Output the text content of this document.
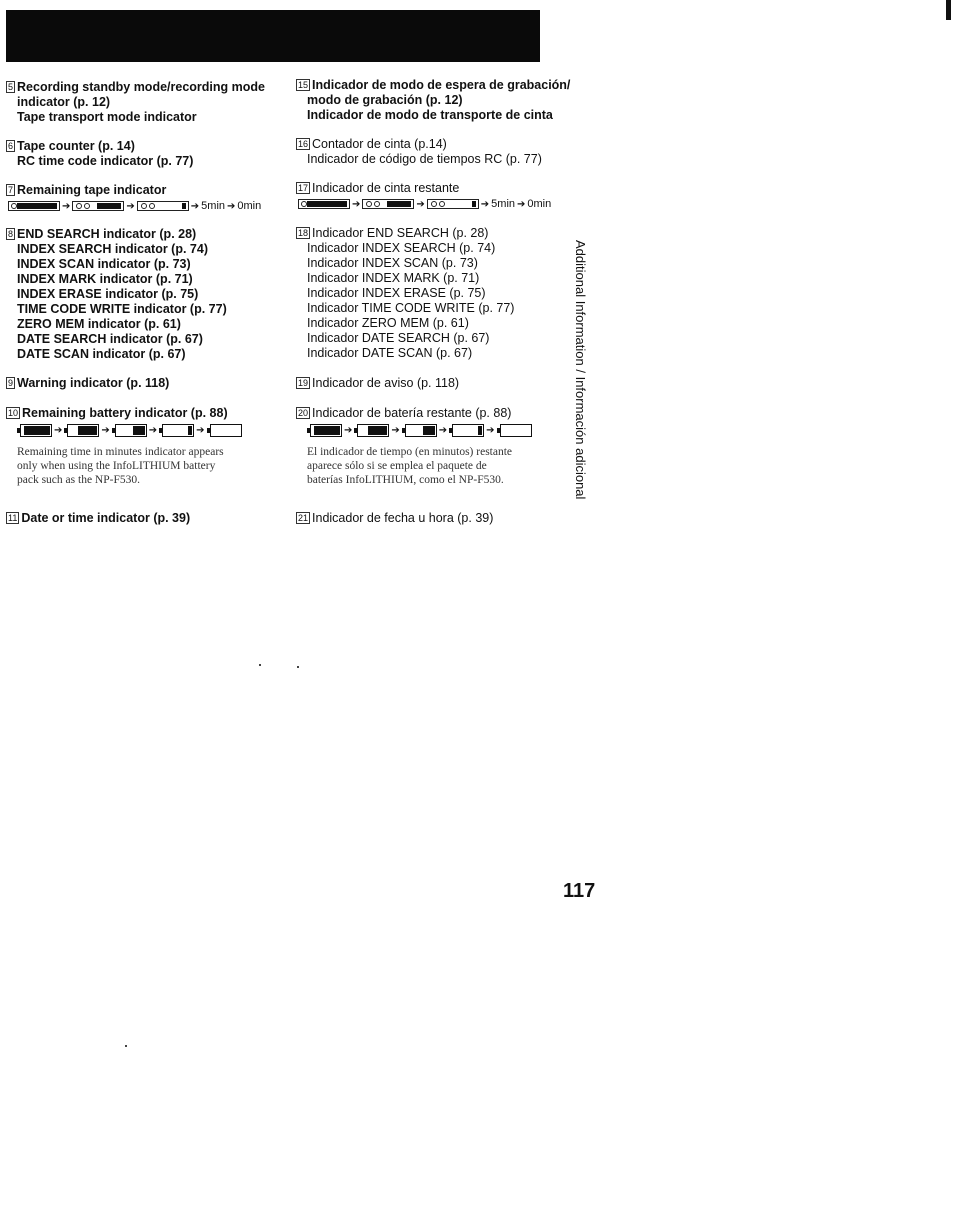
5 Recording standby mode/recording mode
indicator (p. 12)
Tape transport mode indicator
6 Tape counter (p. 14)
RC time code indicator (p. 77)
7 Remaining tape indicator
➔	➔	➔ 5min ➔ 0min
8 END SEARCH indicator (p. 28)
INDEX SEARCH indicator (p. 74)
INDEX SCAN indicator (p. 73)
INDEX MARK indicator (p. 71)
INDEX ERASE indicator (p. 75)
TIME CODE WRITE indicator (p. 77)
ZERO MEM indicator (p. 61)
DATE SEARCH indicator (p. 67)
DATE SCAN indicator (p. 67)
9 Warning indicator (p. 118)
10 Remaining battery indicator (p. 88)
➔	➔	➔	➔
Remaining time in minutes indicator appears
only when using the InfoLITHIUM battery
pack such as the NP-F530.
11 Date or time indicator (p. 39)
15 Indicador de modo de espera de grabación/
modo de grabación (p. 12)
Indicador de modo de transporte de cinta
16 Contador de cinta (p.14)
Indicador de código de tiempos RC (p. 77)
17 Indicador de cinta restante
➔	➔	➔ 5min ➔ 0min
18 Indicador END SEARCH (p. 28)
Indicador INDEX SEARCH (p. 74)
Indicador INDEX SCAN (p. 73)
Indicador INDEX MARK (p. 71)
Indicador INDEX ERASE (p. 75)
Indicador TIME CODE WRITE (p. 77)
Indicador ZERO MEM (p. 61)
Indicador DATE SEARCH (p. 67)
Indicador DATE SCAN (p. 67)
19 Indicador de aviso (p. 118)
20 Indicador de batería restante (p. 88)
➔	➔	➔	➔
El indicador de tiempo (en minutos) restante
aparece sólo si se emplea el paquete de
baterías InfoLITHIUM, como el NP-F530.
21 Indicador de fecha u hora (p. 39)
Additional Information / Información adicional
117
